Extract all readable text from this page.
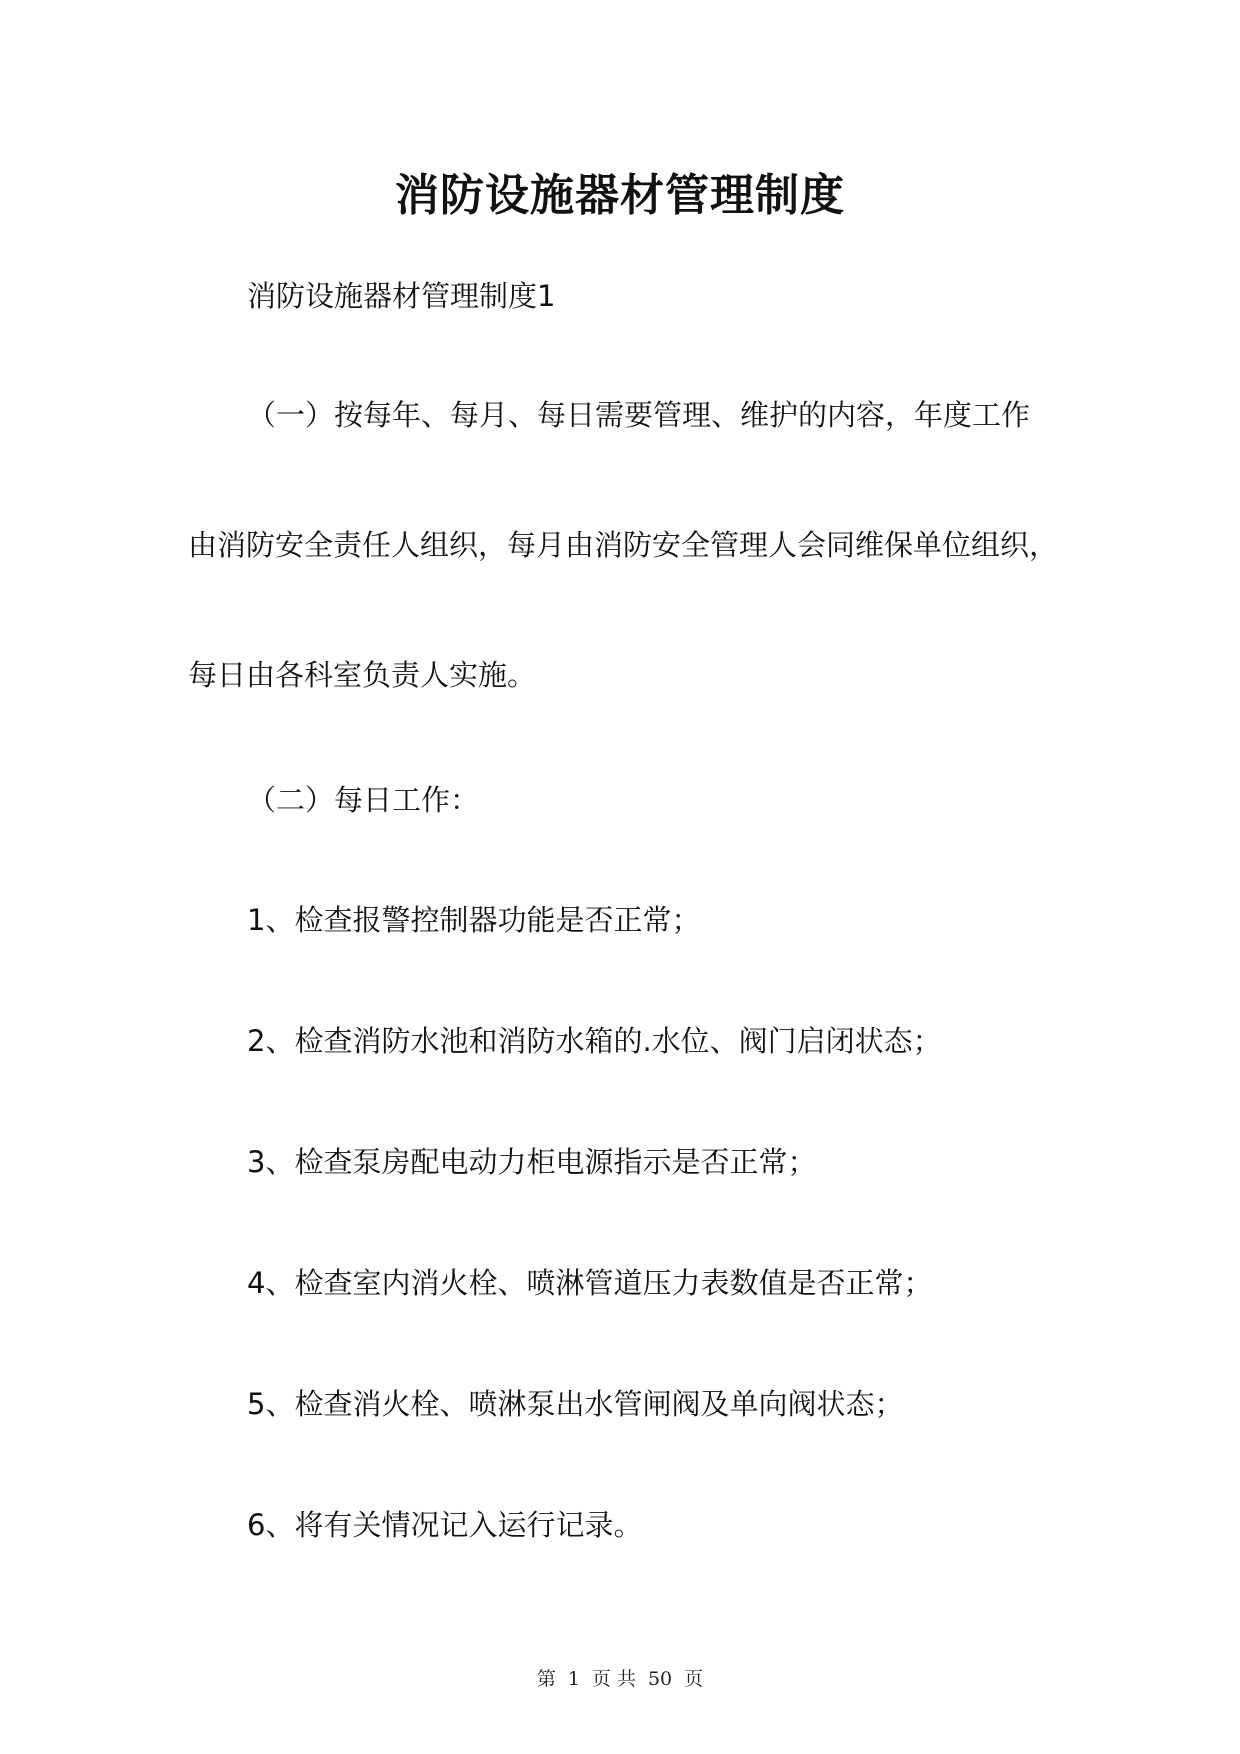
消防设施器材管理制度
消防设施器材管理制度1
（一）按每年、每月、每日需要管理、维护的内容，年度工作
由消防安全责任人组织，每月由消防安全管理人会同维保单位组织，
每日由各科室负责人实施。
（二）每日工作：
1、检查报警控制器功能是否正常；
2、检查消防水池和消防水箱的.水位、阀门启闭状态；
3、检查泵房配电动力柜电源指示是否正常；
4、检查室内消火栓、喷淋管道压力表数值是否正常；
5、检查消火栓、喷淋泵出水管闸阀及单向阀状态；
6、将有关情况记入运行记录。
第 1 页 共 50 页
